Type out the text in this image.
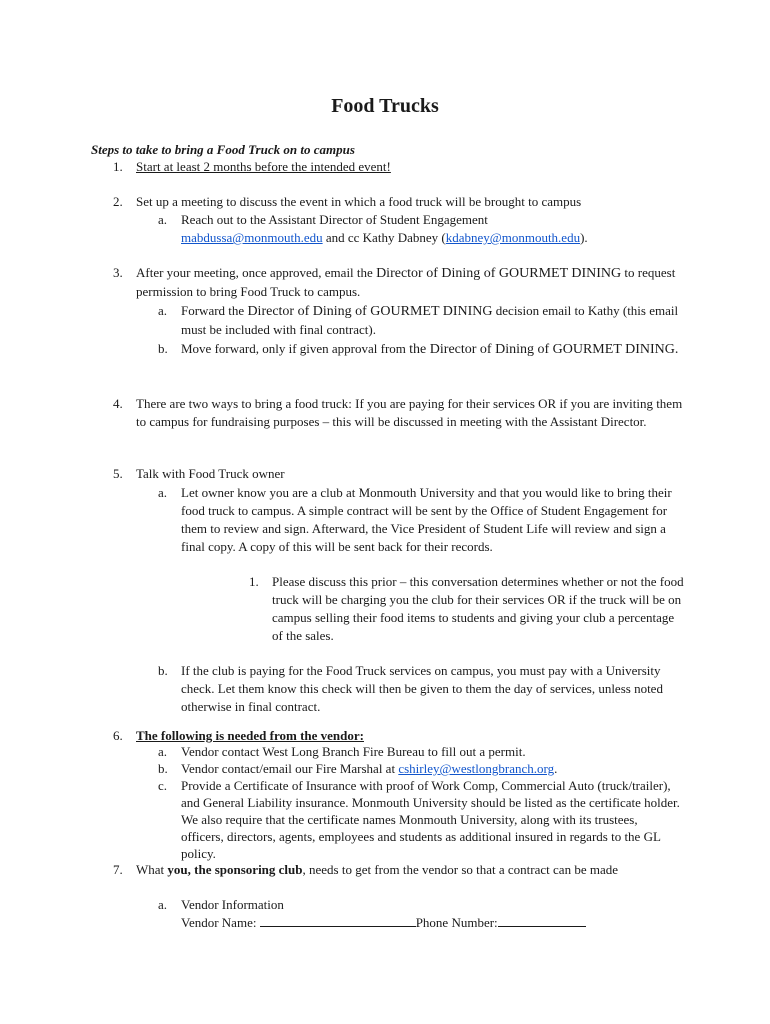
Food Trucks
Steps to take to bring a Food Truck on to campus
1.	Start at least 2 months before the intended event!
2.	Set up a meeting to discuss the event in which a food truck will be brought to campus
a.	Reach out to the Assistant Director of Student Engagement
mabdussa@monmouth.edu and cc Kathy Dabney (kdabney@monmouth.edu).
3.	After your meeting, once approved, email the Director of Dining of GOURMET DINING to request permission to bring Food Truck to campus.
a.	Forward the Director of Dining of GOURMET DINING decision email to Kathy (this email must be included with final contract).
b.	Move forward, only if given approval from the Director of Dining of GOURMET DINING.
4.	There are two ways to bring a food truck: If you are paying for their services OR if you are inviting them to campus for fundraising purposes – this will be discussed in meeting with the Assistant Director.
5.	Talk with Food Truck owner
a.	Let owner know you are a club at Monmouth University and that you would like to bring their food truck to campus. A simple contract will be sent by the Office of Student Engagement for them to review and sign. Afterward, the Vice President of Student Life will review and sign a final copy. A copy of this will be sent back for their records.
1.	Please discuss this prior – this conversation determines whether or not the food truck will be charging you the club for their services OR if the truck will be on campus selling their food items to students and giving your club a percentage of the sales.
b.	If the club is paying for the Food Truck services on campus, you must pay with a University check. Let them know this check will then be given to them the day of services, unless noted otherwise in final contract.
6.	The following is needed from the vendor:
a.	Vendor contact West Long Branch Fire Bureau to fill out a permit.
b.	Vendor contact/email our Fire Marshal at cshirley@westlongbranch.org.
c.	Provide a Certificate of Insurance with proof of Work Comp, Commercial Auto (truck/trailer), and General Liability insurance. Monmouth University should be listed as the certificate holder. We also require that the certificate names Monmouth University, along with its trustees, officers, directors, agents, employees and students as additional insured in regards to the GL policy.
7.	What you, the sponsoring club, needs to get from the vendor so that a contract can be made
a.	Vendor Information
Vendor Name:	Phone Number:
